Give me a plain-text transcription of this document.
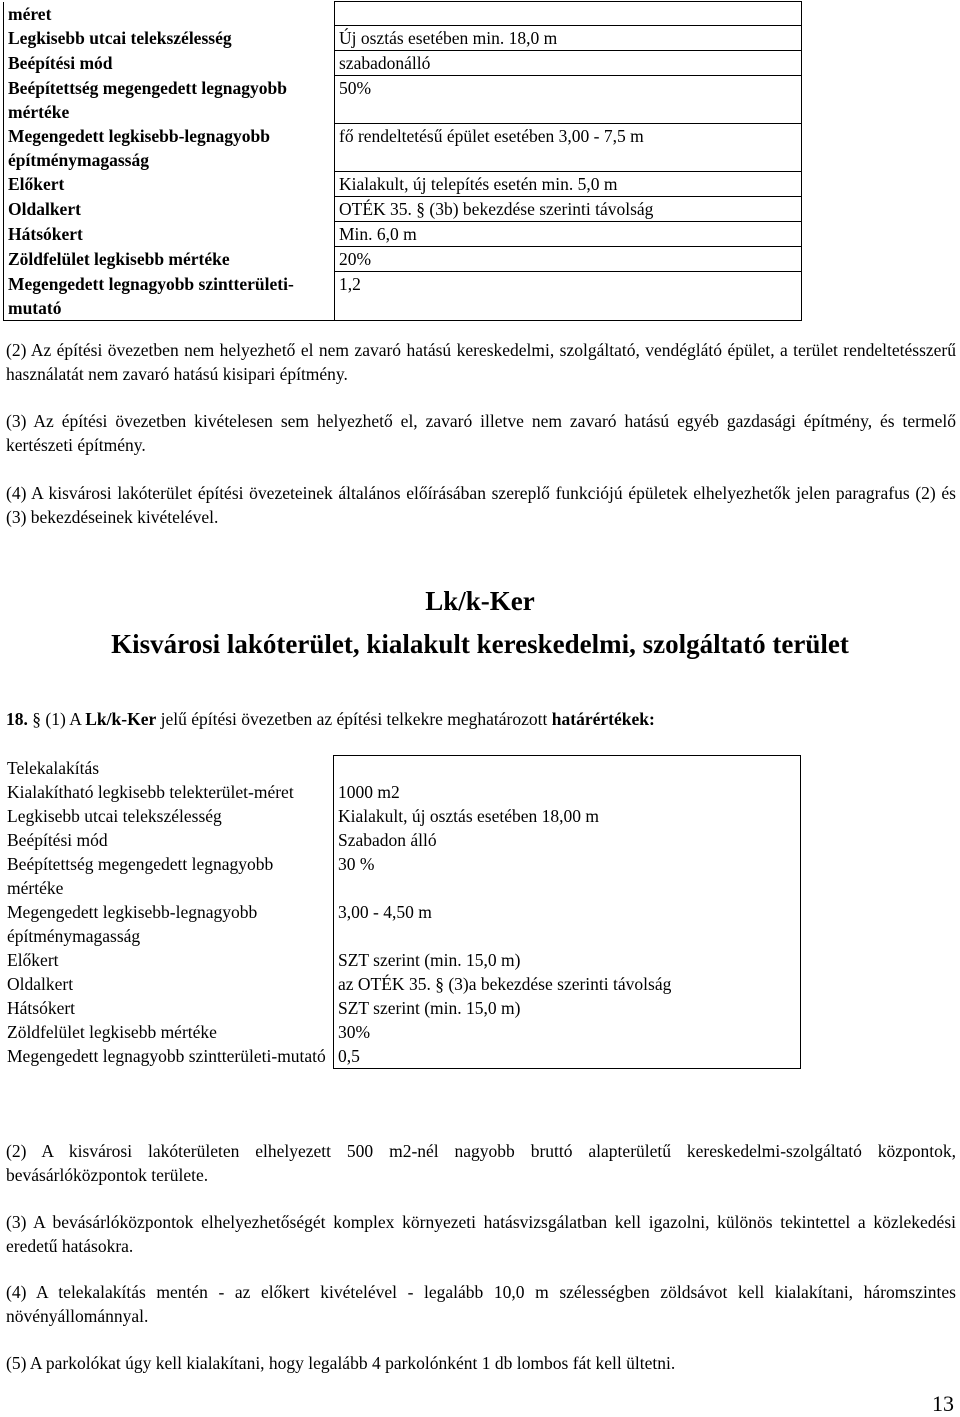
méret	
Legkisebb utcai telekszélesség	Új osztás esetében min. 18,0 m
Beépítési mód	szabadonálló
Beépítettség megengedett legnagyobb mértéke	50%
Megengedett legkisebb-legnagyobb építménymagasság	fő rendeltetésű épület esetében 3,00 - 7,5 m
Előkert	Kialakult, új telepítés esetén min. 5,0 m
Oldalkert	OTÉK 35. § (3b) bekezdése szerinti távolság
Hátsókert	Min. 6,0 m
Zöldfelület legkisebb mértéke	20%
Megengedett legnagyobb szintterületi-mutató	1,2

(2) Az építési övezetben nem helyezhető el nem zavaró hatású kereskedelmi, szolgáltató, vendéglátó épület, a terület rendeltetésszerű használatát nem zavaró hatású kisipari építmény.

(3) Az építési övezetben kivételesen sem helyezhető el, zavaró illetve nem zavaró hatású egyéb gazdasági építmény, és termelő kertészeti építmény.

(4) A kisvárosi lakóterület építési övezeteinek általános előírásában szereplő funkciójú épületek elhelyezhetők jelen paragrafus (2) és (3) bekezdéseinek kivételével.

Lk/k-Ker
Kisvárosi lakóterület, kialakult kereskedelmi, szolgáltató terület

18. § (1) A Lk/k-Ker jelű építési övezetben az építési telkekre meghatározott határértékek:

Telekalakítás	
Kialakítható legkisebb telekterület-méret	1000 m2
Legkisebb utcai telekszélesség	Kialakult, új osztás esetében 18,00 m
Beépítési mód	Szabadon álló
Beépítettség megengedett legnagyobb mértéke	30 %
Megengedett legkisebb-legnagyobb építménymagasság	3,00 - 4,50 m
Előkert	SZT szerint (min. 15,0 m)
Oldalkert	az OTÉK 35. § (3)a bekezdése szerinti távolság
Hátsókert	SZT szerint (min. 15,0 m)
Zöldfelület legkisebb mértéke	30%
Megengedett legnagyobb szintterületi-mutató	0,5

(2) A kisvárosi lakóterületen elhelyezett 500 m2-nél nagyobb bruttó alapterületű kereskedelmi-szolgáltató központok, bevásárlóközpontok területe.

(3) A bevásárlóközpontok elhelyezhetőségét komplex környezeti hatásvizsgálatban kell igazolni, különös tekintettel a közlekedési eredetű hatásokra.

(4) A telekalakítás mentén - az előkert kivételével - legalább 10,0 m szélességben zöldsávot kell kialakítani, háromszintes növényállománnyal.

(5) A parkolókat úgy kell kialakítani, hogy legalább 4 parkolónként 1 db lombos fát kell ültetni.

13
